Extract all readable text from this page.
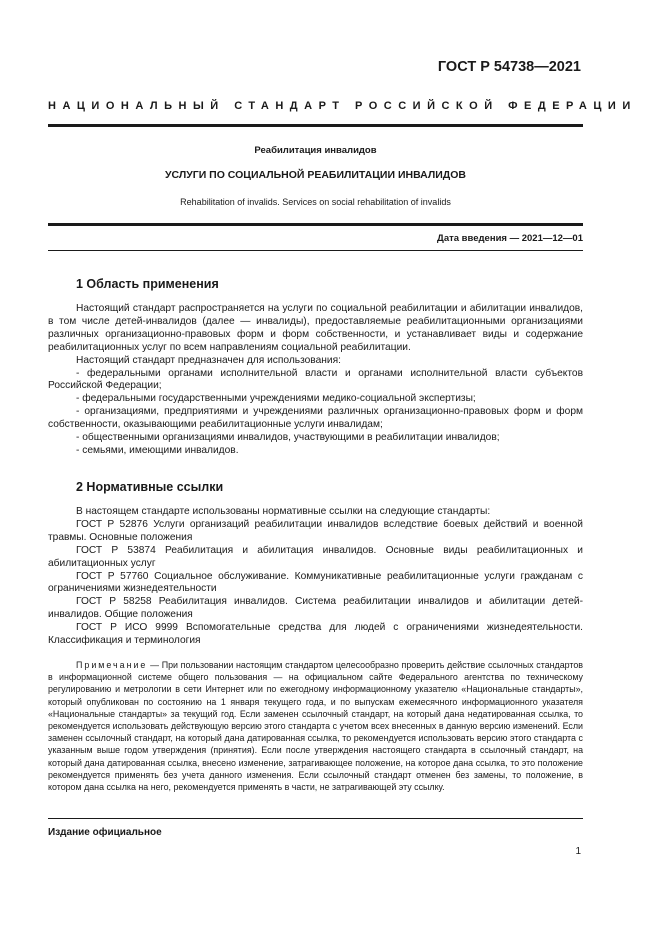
ГОСТ Р 54738—2021
НАЦИОНАЛЬНЫЙ СТАНДАРТ РОССИЙСКОЙ ФЕДЕРАЦИИ
Реабилитация инвалидов
УСЛУГИ ПО СОЦИАЛЬНОЙ РЕАБИЛИТАЦИИ ИНВАЛИДОВ
Rehabilitation of invalids. Services on social rehabilitation of invalids
Дата введения — 2021—12—01
1 Область применения

Настоящий стандарт распространяется на услуги по социальной реабилитации и абилитации инвалидов, в том числе детей-инвалидов (далее — инвалиды), предоставляемые реабилитационными организациями различных организационно-правовых форм и форм собственности, и устанавливает виды и содержание реабилитационных услуг по всем направлениям социальной реабилитации.

Настоящий стандарт предназначен для использования:

- федеральными органами исполнительной власти и органами исполнительной власти субъектов Российской Федерации;

- федеральными государственными учреждениями медико-социальной экспертизы;

- организациями, предприятиями и учреждениями различных организационно-правовых форм и форм собственности, оказывающими реабилитационные услуги инвалидам;

- общественными организациями инвалидов, участвующими в реабилитации инвалидов;

- семьями, имеющими инвалидов.

2 Нормативные ссылки

В настоящем стандарте использованы нормативные ссылки на следующие стандарты:

ГОСТ Р 52876 Услуги организаций реабилитации инвалидов вследствие боевых действий и военной травмы. Основные положения

ГОСТ Р 53874 Реабилитация и абилитация инвалидов. Основные виды реабилитационных и абилитационных услуг

ГОСТ Р 57760 Социальное обслуживание. Коммуникативные реабилитационные услуги гражданам с ограничениями жизнедеятельности

ГОСТ Р 58258 Реабилитация инвалидов. Система реабилитации инвалидов и абилитации детей-инвалидов. Общие положения

ГОСТ Р ИСО 9999 Вспомогательные средства для людей с ограничениями жизнедеятельности. Классификация и терминология

Примечание — При пользовании настоящим стандартом целесообразно проверить действие ссылочных стандартов в информационной системе общего пользования — на официальном сайте Федерального агентства по техническому регулированию и метрологии в сети Интернет или по ежегодному информационному указателю «Национальные стандарты», который опубликован по состоянию на 1 января текущего года, и по выпускам ежемесячного информационного указателя «Национальные стандарты» за текущий год. Если заменен ссылочный стандарт, на который дана недатированная ссылка, то рекомендуется использовать действующую версию этого стандарта с учетом всех внесенных в данную версию изменений. Если заменен ссылочный стандарт, на который дана датированная ссылка, то рекомендуется использовать версию этого стандарта с указанным выше годом утверждения (принятия). Если после утверждения настоящего стандарта в ссылочный стандарт, на который дана датированная ссылка, внесено изменение, затрагивающее положение, на которое дана ссылка, то это положение рекомендуется применять без учета данного изменения. Если ссылочный стандарт отменен без замены, то положение, в котором дана ссылка на него, рекомендуется применять в части, не затрагивающей эту ссылку.

Издание официальное
1
